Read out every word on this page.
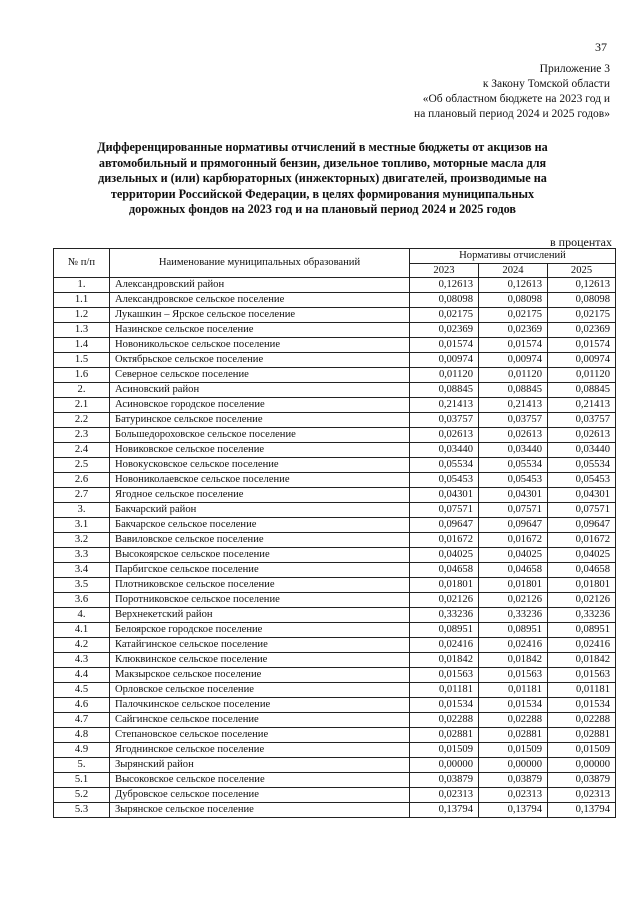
37
Приложение 3
к Закону Томской области
«Об областном бюджете на 2023 год и
на плановый период 2024 и 2025 годов»
Дифференцированные нормативы отчислений в местные бюджеты от акцизов на
автомобильный и прямогонный бензин, дизельное топливо, моторные масла для
дизельных и (или) карбюраторных (инжекторных) двигателей, производимые на
территории Российской Федерации, в целях формирования муниципальных
дорожных фондов на 2023 год и на плановый период 2024 и 2025 годов
в процентах
№ п/п	Наименование муниципальных образований	Нормативы отчислений		
		2023	2024	2025
1.	Александровский район	0,12613	0,12613	0,12613
1.1	Александровское сельское поселение	0,08098	0,08098	0,08098
1.2	Лукашкин – Ярское сельское поселение	0,02175	0,02175	0,02175
1.3	Назинское сельское поселение	0,02369	0,02369	0,02369
1.4	Новоникольское сельское поселение	0,01574	0,01574	0,01574
1.5	Октябрьское сельское поселение	0,00974	0,00974	0,00974
1.6	Северное сельское поселение	0,01120	0,01120	0,01120
2.	Асиновский район	0,08845	0,08845	0,08845
2.1	Асиновское городское поселение	0,21413	0,21413	0,21413
2.2	Батуринское сельское поселение	0,03757	0,03757	0,03757
2.3	Большедороховское сельское поселение	0,02613	0,02613	0,02613
2.4	Новиковское сельское поселение	0,03440	0,03440	0,03440
2.5	Новокусковское сельское поселение	0,05534	0,05534	0,05534
2.6	Новониколаевское сельское поселение	0,05453	0,05453	0,05453
2.7	Ягодное сельское поселение	0,04301	0,04301	0,04301
3.	Бакчарский район	0,07571	0,07571	0,07571
3.1	Бакчарское сельское поселение	0,09647	0,09647	0,09647
3.2	Вавиловское сельское поселение	0,01672	0,01672	0,01672
3.3	Высокоярское сельское поселение	0,04025	0,04025	0,04025
3.4	Парбигское сельское поселение	0,04658	0,04658	0,04658
3.5	Плотниковское сельское поселение	0,01801	0,01801	0,01801
3.6	Поротниковское сельское поселение	0,02126	0,02126	0,02126
4.	Верхнекетский район	0,33236	0,33236	0,33236
4.1	Белоярское городское поселение	0,08951	0,08951	0,08951
4.2	Катайгинское сельское поселение	0,02416	0,02416	0,02416
4.3	Клюквинское сельское поселение	0,01842	0,01842	0,01842
4.4	Макзырское сельское поселение	0,01563	0,01563	0,01563
4.5	Орловское сельское поселение	0,01181	0,01181	0,01181
4.6	Палочкинское сельское поселение	0,01534	0,01534	0,01534
4.7	Сайгинское сельское поселение	0,02288	0,02288	0,02288
4.8	Степановское сельское поселение	0,02881	0,02881	0,02881
4.9	Ягоднинское сельское поселение	0,01509	0,01509	0,01509
5.	Зырянский район	0,00000	0,00000	0,00000
5.1	Высоковское сельское поселение	0,03879	0,03879	0,03879
5.2	Дубровское сельское поселение	0,02313	0,02313	0,02313
5.3	Зырянское сельское поселение	0,13794	0,13794	0,13794
